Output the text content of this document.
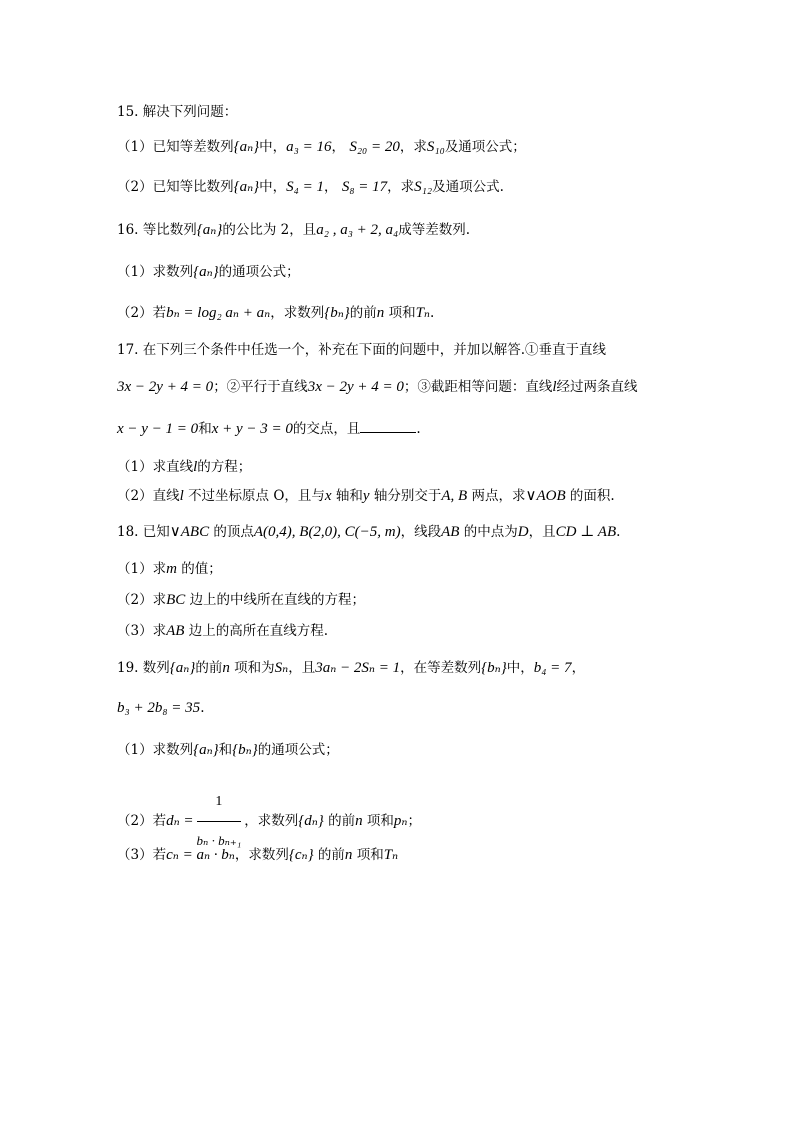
15. 解决下列问题：
（1）已知等差数列{aₙ}中，a₃ = 16， S₂₀ = 20，求S₁₀及通项公式；
（2）已知等比数列{aₙ}中，S₄ = 1， S₈ = 17，求S₁₂及通项公式.
16. 等比数列{aₙ}的公比为 2，且a₂ , a₃ + 2, a₄成等差数列.
（1）求数列{aₙ}的通项公式；
（2）若bₙ = log₂ aₙ + aₙ，求数列{bₙ}的前n 项和Tₙ.
17. 在下列三个条件中任选一个，补充在下面的问题中，并加以解答.①垂直于直线
3x − 2y + 4 = 0；②平行于直线3x − 2y + 4 = 0；③截距相等问题：直线l经过两条直线
x − y − 1 = 0和x + y − 3 = 0的交点，且	.
（1）求直线l的方程；
（2）直线l 不过坐标原点 O，且与x 轴和y 轴分别交于A, B 两点，求∨AOB 的面积.
18. 已知∨ABC 的顶点A(0,4), B(2,0), C(−5, m)，线段AB 的中点为D，且CD ⊥ AB.
（1）求m 的值；
（2）求BC 边上的中线所在直线的方程；
（3）求AB 边上的高所在直线方程.
19. 数列{aₙ}的前n 项和为Sₙ，且3aₙ − 2Sₙ = 1，在等差数列{bₙ}中，b₄ = 7，
b₃ + 2b₈ = 35.
（1）求数列{aₙ}和{bₙ}的通项公式；
（2）若$d_n = \frac{1}{\text{bₙ · bₙ₊₁}}$ ，求数列{dₙ} 的前n 项和pₙ；
（3）若cₙ = aₙ · bₙ，求数列{cₙ} 的前n 项和Tₙ
